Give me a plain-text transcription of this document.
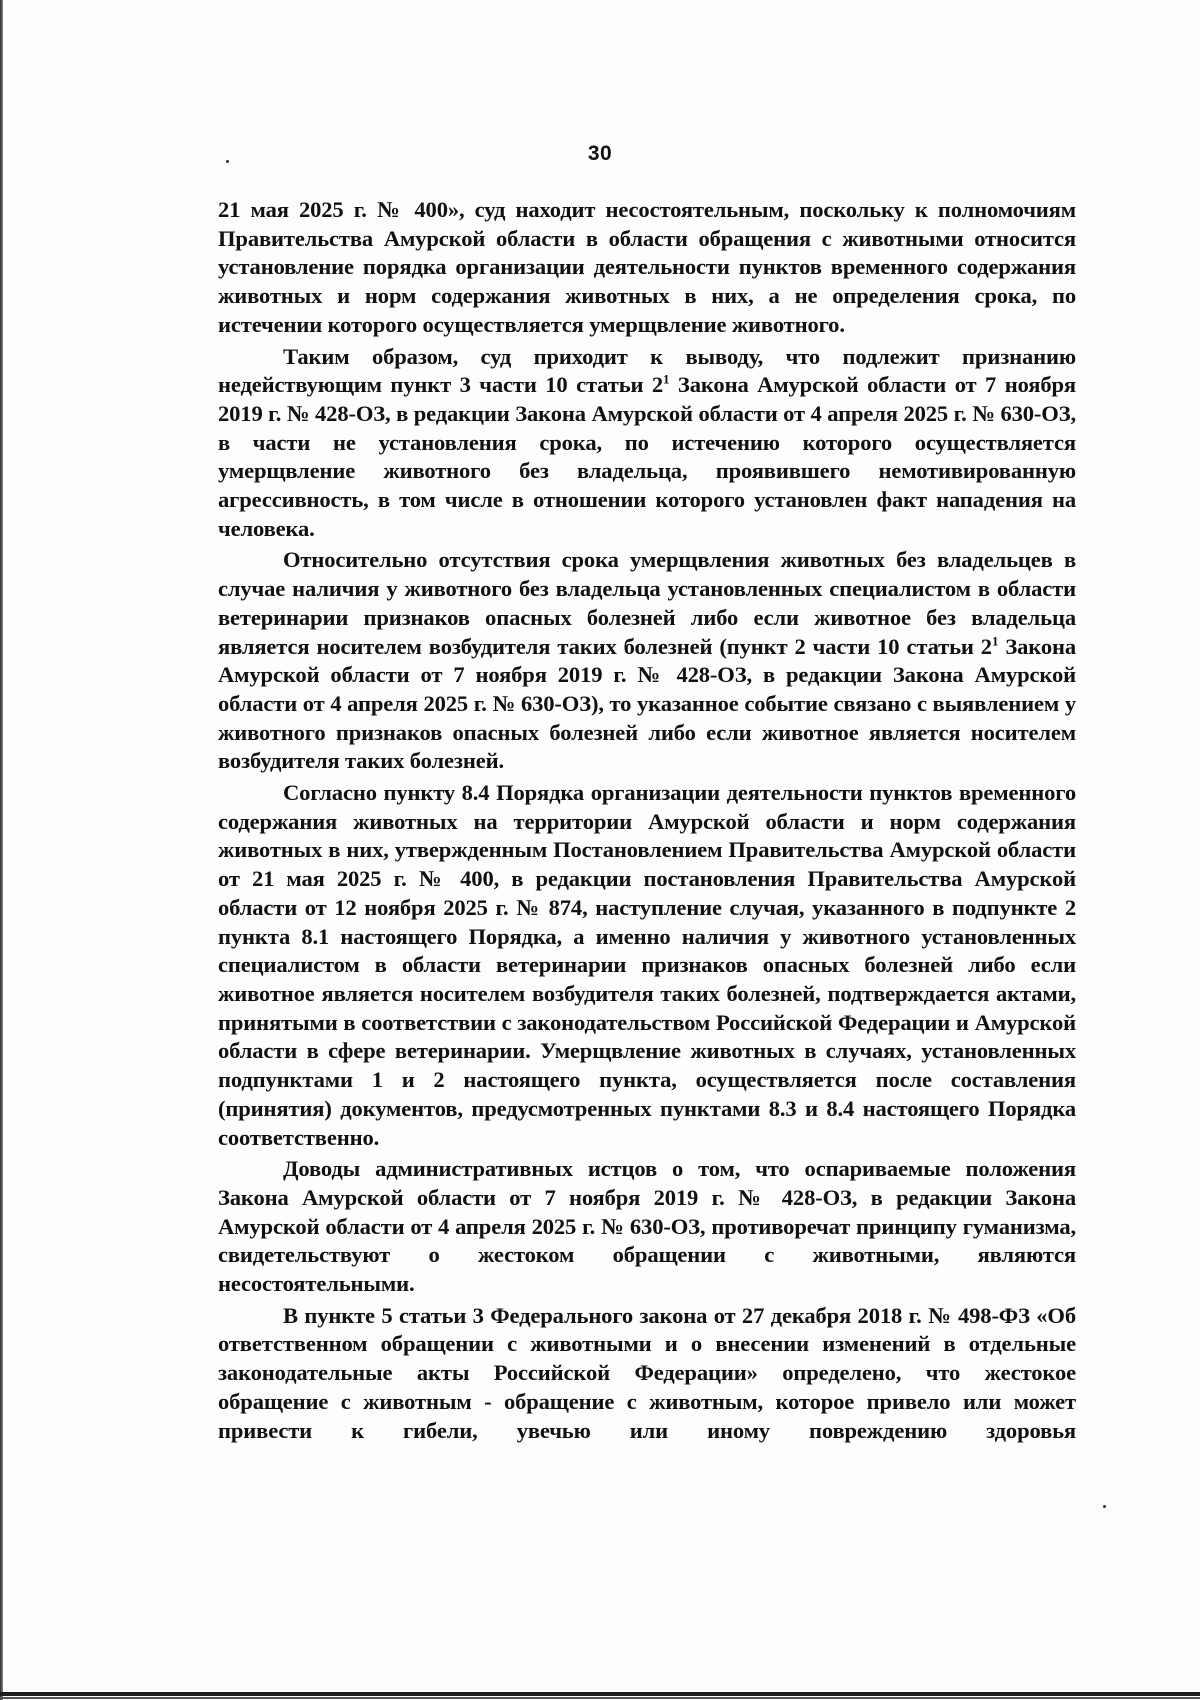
30

21 мая 2025 г. № 400», суд находит несостоятельным, поскольку к полномочиям Правительства Амурской области в области обращения с животными относится установление порядка организации деятельности пунктов временного содержания животных и норм содержания животных в них, а не определения срока, по истечении которого осуществляется умерщвление животного.

Таким образом, суд приходит к выводу, что подлежит признанию недействующим пункт 3 части 10 статьи $2^1$ Закона Амурской области от 7 ноября 2019 г. № 428-ОЗ, в редакции Закона Амурской области от 4 апреля 2025 г. № 630-ОЗ, в части не установления срока, по истечению которого осуществляется умерщвление животного без владельца, проявившего немотивированную агрессивность, в том числе в отношении которого установлен факт нападения на человека.

Относительно отсутствия срока умерщвления животных без владельцев в случае наличия у животного без владельца установленных специалистом в области ветеринарии признаков опасных болезней либо если животное без владельца является носителем возбудителя таких болезней (пункт 2 части 10 статьи $2^1$ Закона Амурской области от 7 ноября 2019 г. № 428-ОЗ, в редакции Закона Амурской области от 4 апреля 2025 г. № 630-ОЗ), то указанное событие связано с выявлением у животного признаков опасных болезней либо если животное является носителем возбудителя таких болезней.

Согласно пункту 8.4 Порядка организации деятельности пунктов временного содержания животных на территории Амурской области и норм содержания животных в них, утвержденным Постановлением Правительства Амурской области от 21 мая 2025 г. № 400, в редакции постановления Правительства Амурской области от 12 ноября 2025 г. № 874, наступление случая, указанного в подпункте 2 пункта 8.1 настоящего Порядка, а именно наличия у животного установленных специалистом в области ветеринарии признаков опасных болезней либо если животное является носителем возбудителя таких болезней, подтверждается актами, принятыми в соответствии с законодательством Российской Федерации и Амурской области в сфере ветеринарии. Умерщвление животных в случаях, установленных подпунктами 1 и 2 настоящего пункта, осуществляется после составления (принятия) документов, предусмотренных пунктами 8.3 и 8.4 настоящего Порядка соответственно.

Доводы административных истцов о том, что оспариваемые положения Закона Амурской области от 7 ноября 2019 г. № 428-ОЗ, в редакции Закона Амурской области от 4 апреля 2025 г. № 630-ОЗ, противоречат принципу гуманизма, свидетельствуют о жестоком обращении с животными, являются несостоятельными.

В пункте 5 статьи 3 Федерального закона от 27 декабря 2018 г. № 498-ФЗ «Об ответственном обращении с животными и о внесении изменений в отдельные законодательные акты Российской Федерации» определено, что жестокое обращение с животным - обращение с животным, которое привело или может привести к гибели, увечью или иному повреждению здоровья
